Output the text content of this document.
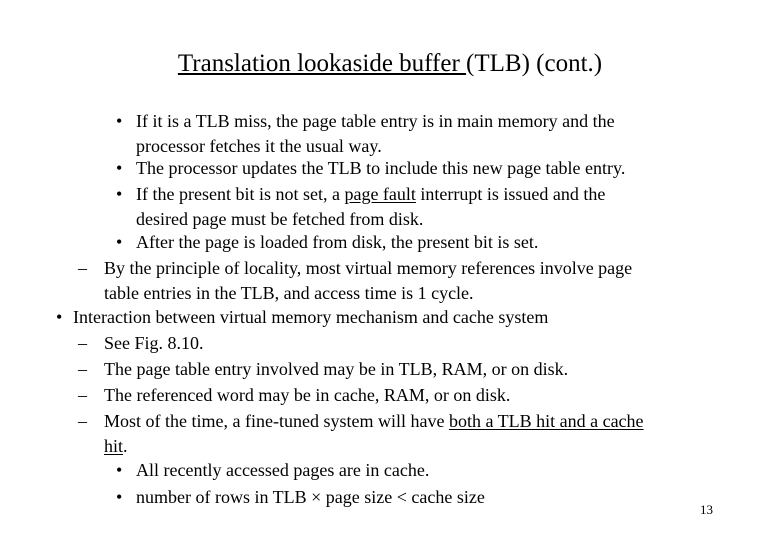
Translation lookaside buffer (TLB) (cont.)
• If it is a TLB miss, the page table entry is in main memory and the
processor fetches it the usual way.
• The processor updates the TLB to include this new page table entry.
• If the present bit is not set, a page fault interrupt is issued and the
desired page must be fetched from disk.
• After the page is loaded from disk, the present bit is set.
– By the principle of locality, most virtual memory references involve page
table entries in the TLB, and access time is 1 cycle.
• Interaction between virtual memory mechanism and cache system
– See Fig. 8.10.
– The page table entry involved may be in TLB, RAM, or on disk.
– The referenced word may be in cache, RAM, or on disk.
– Most of the time, a fine-tuned system will have both a TLB hit and a cache
hit.
• All recently accessed pages are in cache.
• number of rows in TLB × page size < cache size
13
